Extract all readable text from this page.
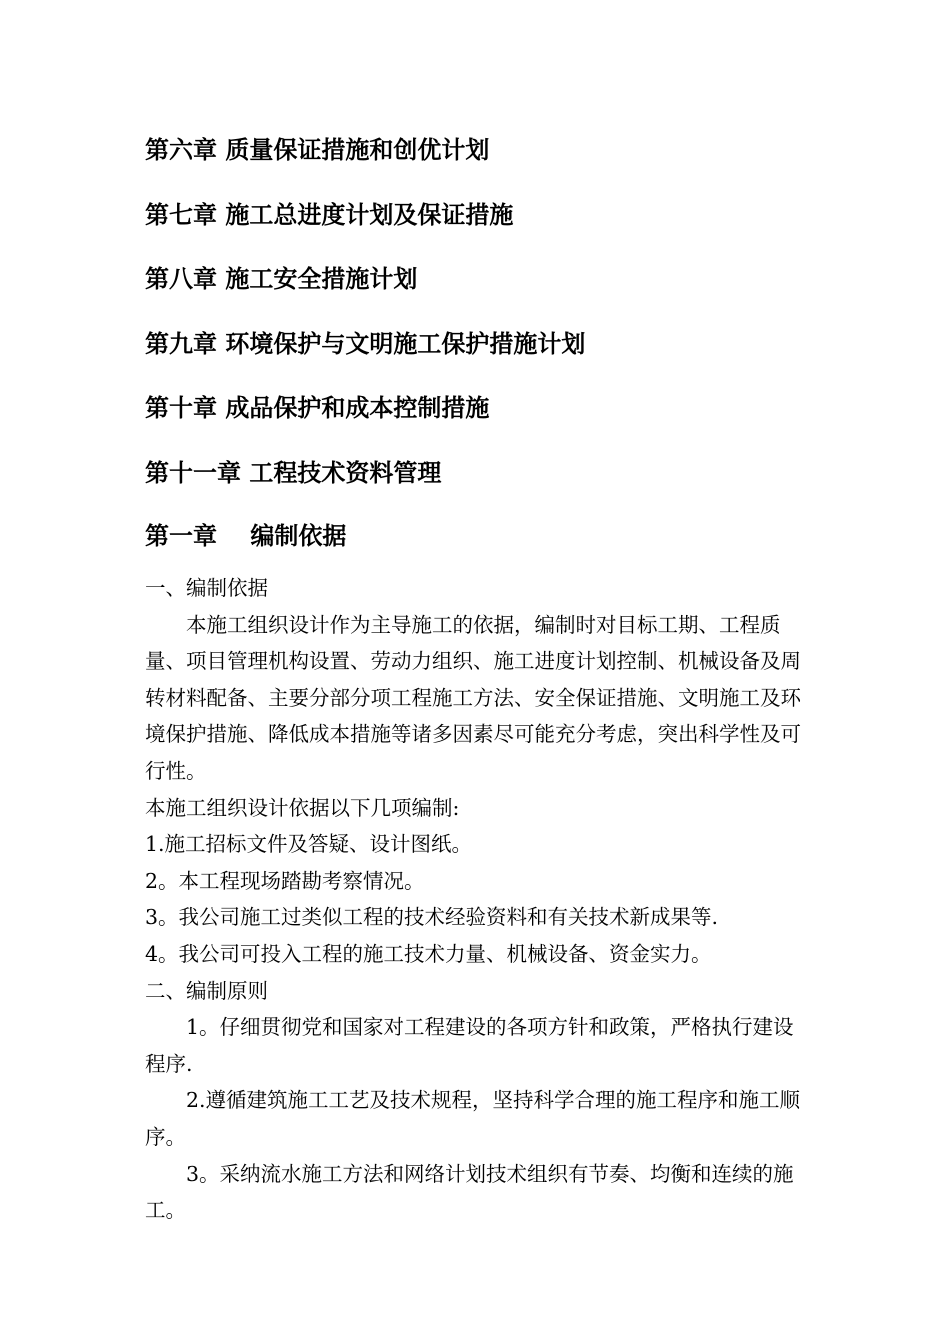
第六章 质量保证措施和创优计划
第七章 施工总进度计划及保证措施
第八章 施工安全措施计划
第九章 环境保护与文明施工保护措施计划
第十章 成品保护和成本控制措施
第十一章 工程技术资料管理
第一章    编制依据

一、编制依据

本施工组织设计作为主导施工的依据，编制时对目标工期、工程质量、项目管理机构设置、劳动力组织、施工进度计划控制、机械设备及周转材料配备、主要分部分项工程施工方法、安全保证措施、文明施工及环境保护措施、降低成本措施等诸多因素尽可能充分考虑，突出科学性及可行性。

本施工组织设计依据以下几项编制:

1.施工招标文件及答疑、设计图纸。

2。本工程现场踏勘考察情况。

3。我公司施工过类似工程的技术经验资料和有关技术新成果等.

4。我公司可投入工程的施工技术力量、机械设备、资金实力。

二、编制原则

1。仔细贯彻党和国家对工程建设的各项方针和政策，严格执行建设程序.

2.遵循建筑施工工艺及技术规程，坚持科学合理的施工程序和施工顺序。

3。采纳流水施工方法和网络计划技术组织有节奏、均衡和连续的施工。
